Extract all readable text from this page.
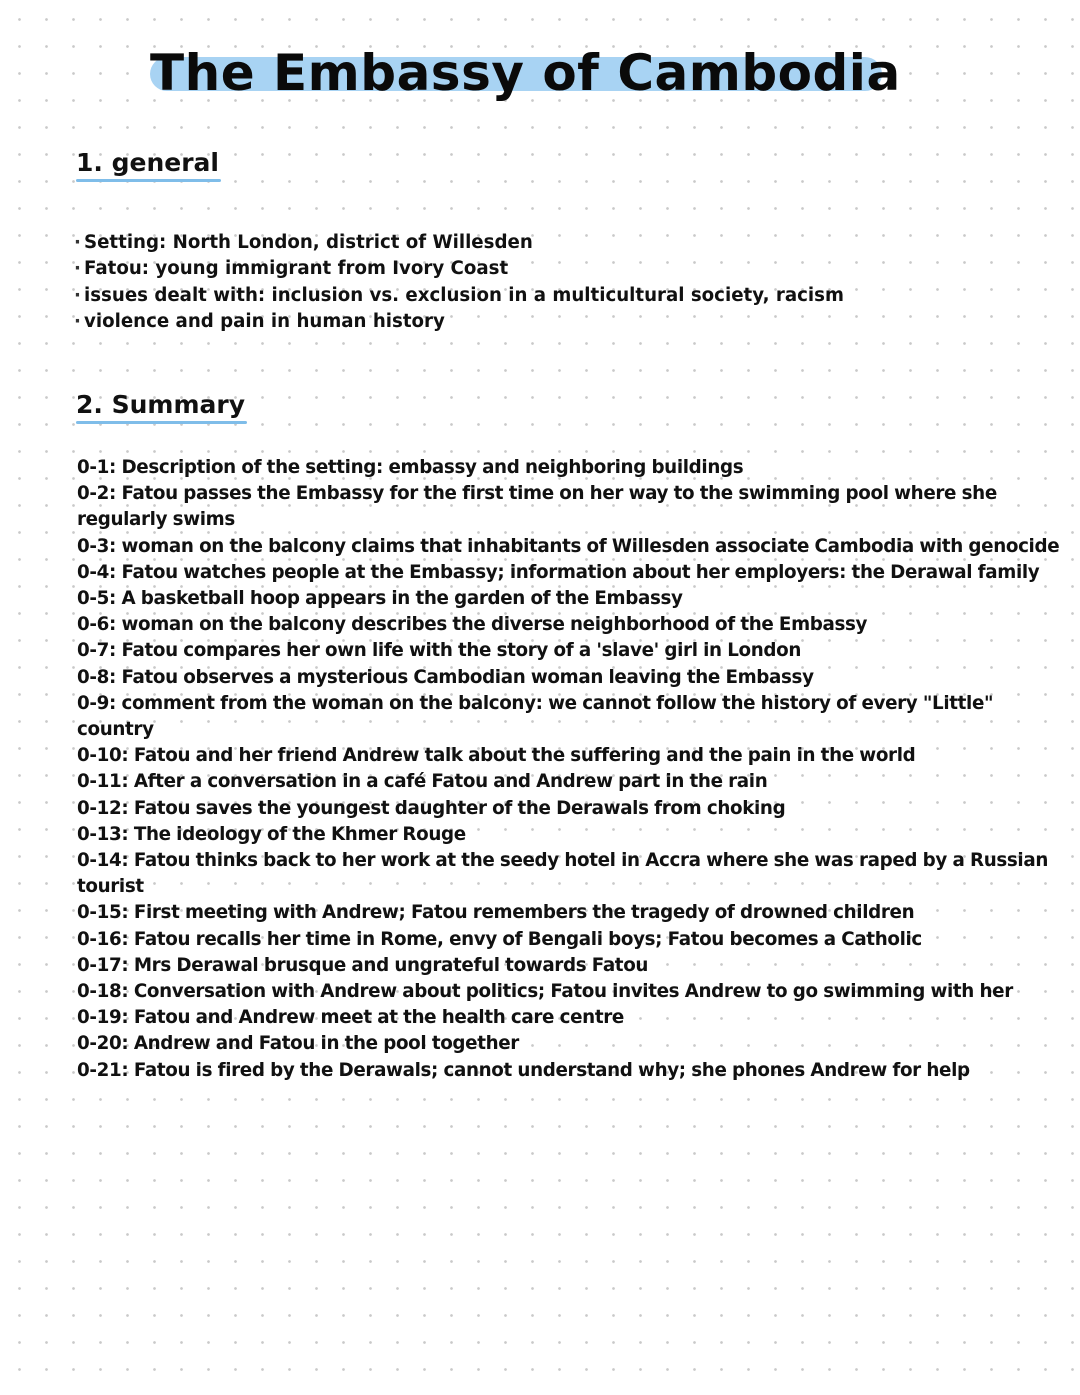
The Embassy of Cambodia
1. general
· Setting: North London, district of Willesden
· Fatou: young immigrant from Ivory Coast
· issues dealt with: inclusion vs. exclusion in a multicultural society, racism
· violence and pain in human history
2. Summary
0-1: Description of the setting: embassy and neighboring buildings
0-2: Fatou passes the Embassy for the first time on her way to the swimming pool where she regularly swims
0-3: woman on the balcony claims that inhabitants of Willesden associate Cambodia with genocide
0-4: Fatou watches people at the Embassy; information about her employers: the Derawal family
0-5: A basketball hoop appears in the garden of the Embassy
0-6: woman on the balcony describes the diverse neighborhood of the Embassy
0-7: Fatou compares her own life with the story of a 'slave' girl in London
0-8: Fatou observes a mysterious Cambodian woman leaving the Embassy
0-9: comment from the woman on the balcony: we cannot follow the history of every "Little" country
0-10: Fatou and her friend Andrew talk about the suffering and the pain in the world
0-11: After a conversation in a café Fatou and Andrew part in the rain
0-12: Fatou saves the youngest daughter of the Derawals from choking
0-13: The ideology of the Khmer Rouge
0-14: Fatou thinks back to her work at the seedy hotel in Accra where she was raped by a Russian tourist
0-15: First meeting with Andrew; Fatou remembers the tragedy of drowned children
0-16: Fatou recalls her time in Rome, envy of Bengali boys; Fatou becomes a Catholic
0-17: Mrs Derawal brusque and ungrateful towards Fatou
0-18: Conversation with Andrew about politics; Fatou invites Andrew to go swimming with her
0-19: Fatou and Andrew meet at the health care centre
0-20: Andrew and Fatou in the pool together
0-21: Fatou is fired by the Derawals; cannot understand why; she phones Andrew for help
